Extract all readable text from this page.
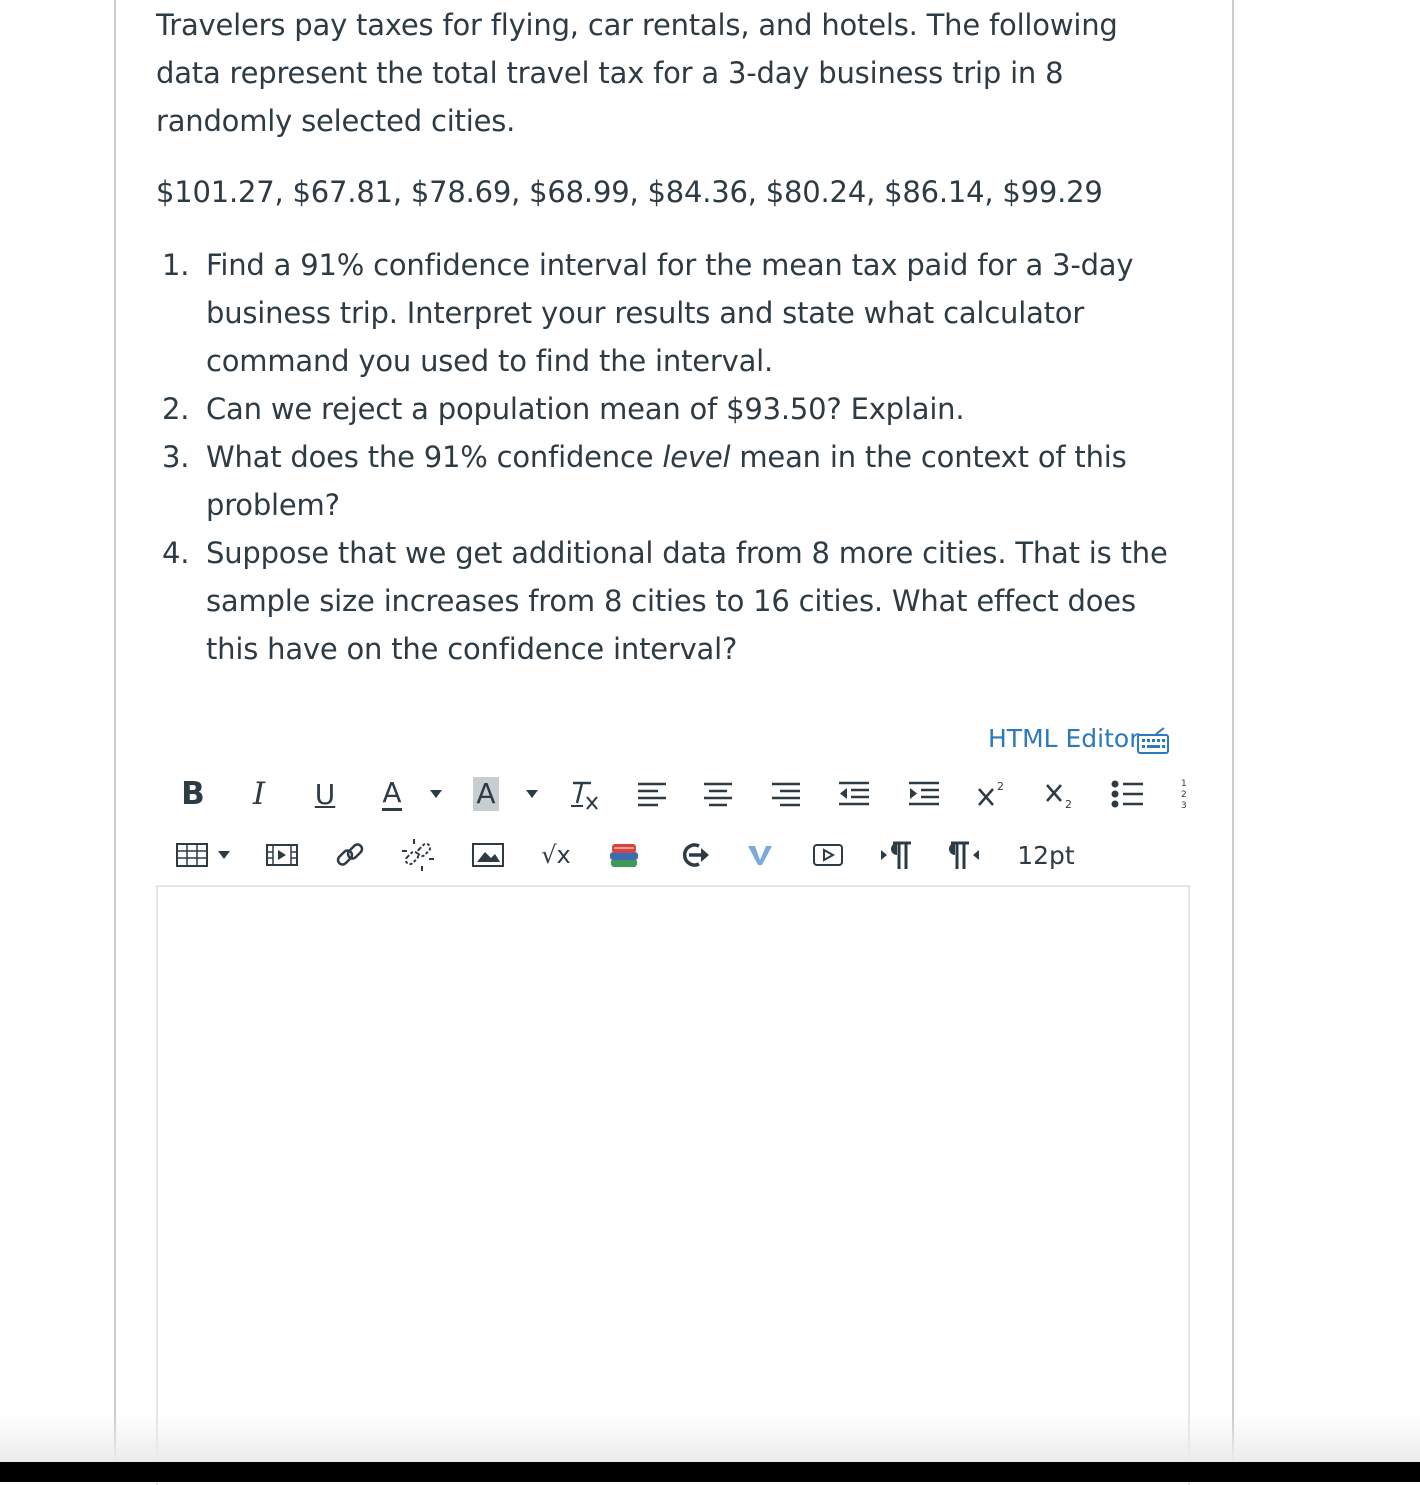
Travelers pay taxes for flying, car rentals, and hotels. The following data represent the total travel tax for a 3-day business trip in 8 randomly selected cities.

$101.27, $67.81, $78.69, $68.99, $84.36, $80.24, $86.14, $99.29

1. Find a 91% confidence interval for the mean tax paid for a 3-day business trip. Interpret your results and state what calculator command you used to find the interval.
2. Can we reject a population mean of $93.50? Explain.
3. What does the 91% confidence level mean in the context of this problem?
4. Suppose that we get additional data from 8 more cities. That is the sample size increases from 8 cities to 16 cities. What effect does this have on the confidence interval?
HTML Editor
B	I	U A	A	2
2
1
2
3
√x	12pt
